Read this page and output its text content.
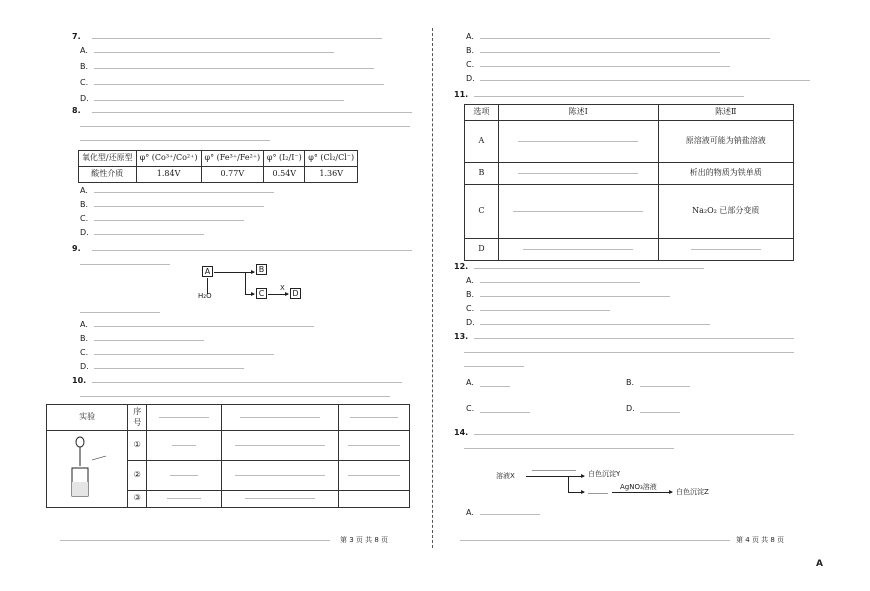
7.
A.
B.
C.
D.
8.
氧化型/还原型	φ° (Co³⁺/Co²⁺)	φ° (Fe³⁺/Fe²⁺)	φ° (I₂/I⁻)	φ° (Cl₂/Cl⁻)
酸性介质	1.84V	0.77V	0.54V	1.36V
A.
B.
C.
D.
9.
A
H₂O
B
C	D
X
A.
B.
C.
D.
10.
实验	序号	

	①	

	②	

	③	

第 3 页 共 8 页
A.
B.
C.
D.
11.
选项	陈述Ⅰ	陈述Ⅱ
A		原溶液可能为钠盐溶液
B		析出的物质为铁单质
C		Na₂O₂ 已部分变质
D	

12.
A.
B.
C.
D.
13.
A.	B.
C.	D.
14.
溶液X	白色沉淀Y
AgNO₃溶液
白色沉淀Z
A.
第 4 页 共 8 页
A
